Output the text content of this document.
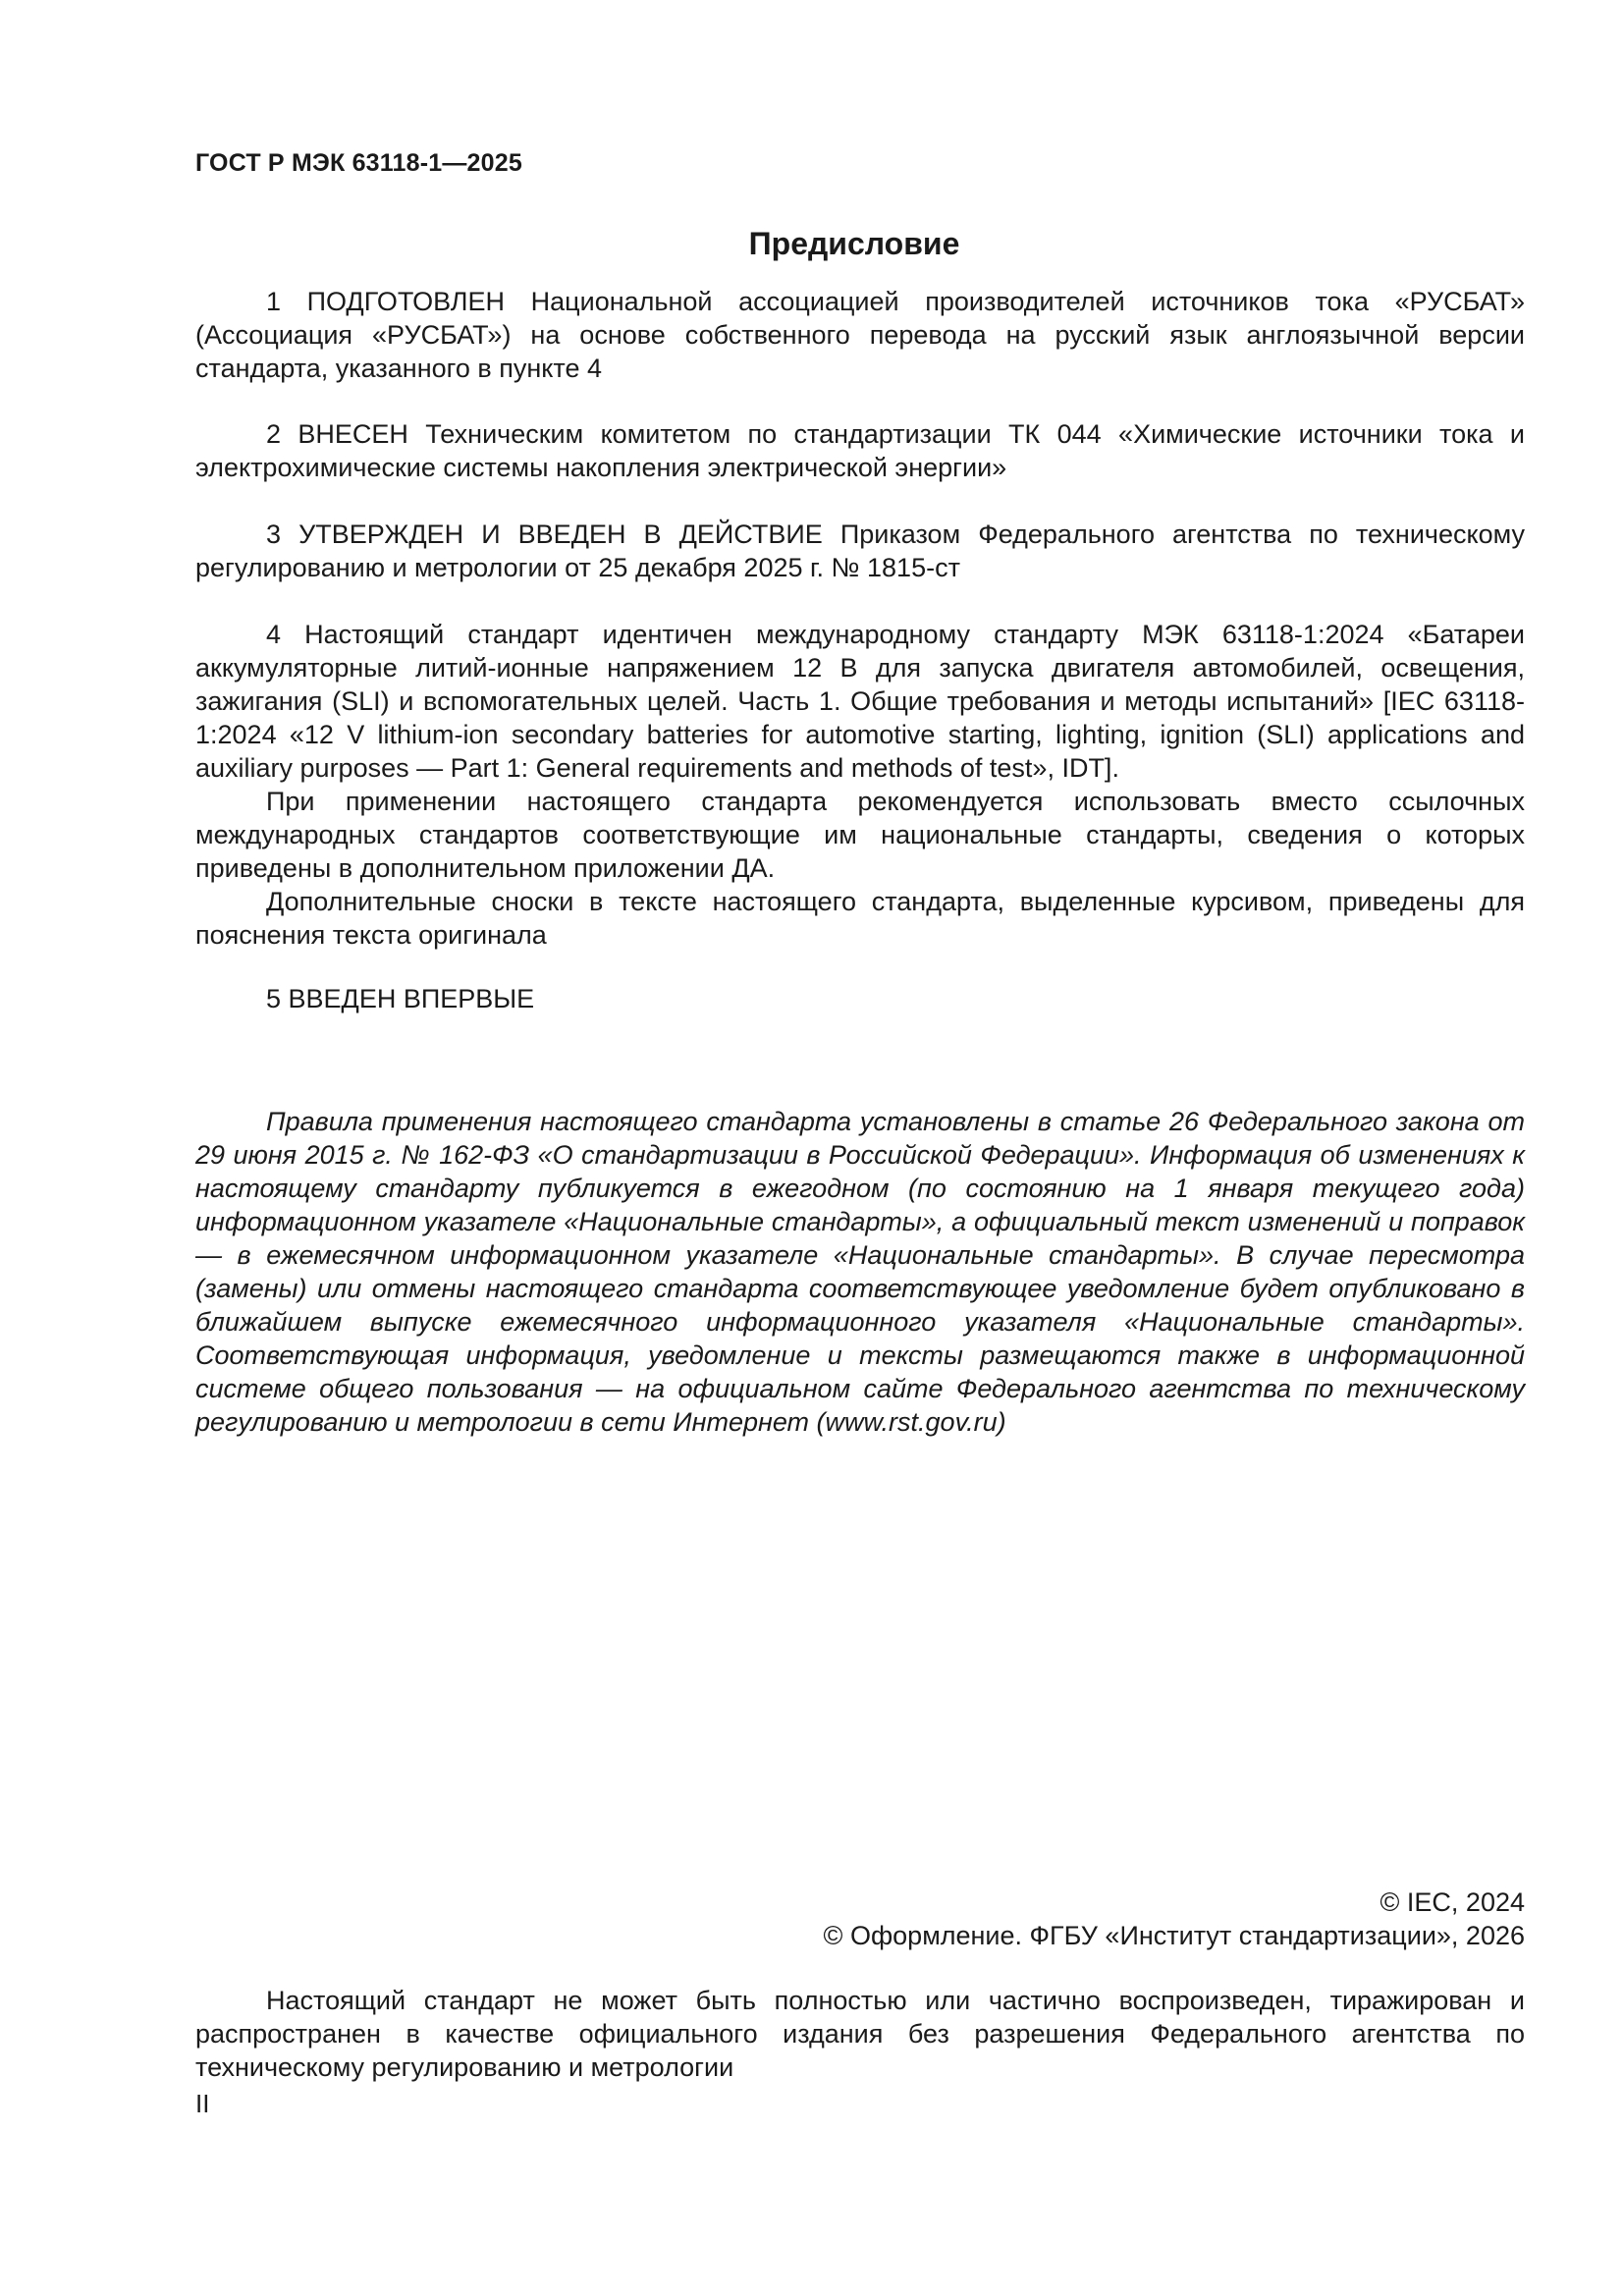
ГОСТ Р МЭК 63118-1—2025
Предисловие

1 ПОДГОТОВЛЕН Национальной ассоциацией производителей источников тока «РУСБАТ» (Ассоциация «РУСБАТ») на основе собственного перевода на русский язык англоязычной версии стандарта, указанного в пункте 4

2 ВНЕСЕН Техническим комитетом по стандартизации ТК 044 «Химические источники тока и электрохимические системы накопления электрической энергии»

3 УТВЕРЖДЕН И ВВЕДЕН В ДЕЙСТВИЕ Приказом Федерального агентства по техническому регулированию и метрологии от 25 декабря 2025 г. № 1815-ст

4 Настоящий стандарт идентичен международному стандарту МЭК 63118-1:2024 «Батареи аккумуляторные литий-ионные напряжением 12 В для запуска двигателя автомобилей, освещения, зажигания (SLI) и вспомогательных целей. Часть 1. Общие требования и методы испытаний» [IEC 63118-1:2024 «12 V lithium-ion secondary batteries for automotive starting, lighting, ignition (SLI) applications and auxiliary purposes — Part 1: General requirements and methods of test», IDT].

При применении настоящего стандарта рекомендуется использовать вместо ссылочных международных стандартов соответствующие им национальные стандарты, сведения о которых приведены в дополнительном приложении ДА.

Дополнительные сноски в тексте настоящего стандарта, выделенные курсивом, приведены для пояснения текста оригинала

5 ВВЕДЕН ВПЕРВЫЕ

Правила применения настоящего стандарта установлены в статье 26 Федерального закона от 29 июня 2015 г. № 162-ФЗ «О стандартизации в Российской Федерации». Информация об изменениях к настоящему стандарту публикуется в ежегодном (по состоянию на 1 января текущего года) информационном указателе «Национальные стандарты», а официальный текст изменений и поправок — в ежемесячном информационном указателе «Национальные стандарты». В случае пересмотра (замены) или отмены настоящего стандарта соответствующее уведомление будет опубликовано в ближайшем выпуске ежемесячного информационного указателя «Национальные стандарты». Соответствующая информация, уведомление и тексты размещаются также в информационной системе общего пользования — на официальном сайте Федерального агентства по техническому регулированию и метрологии в сети Интернет (www.rst.gov.ru)

© IEC, 2024
© Оформление. ФГБУ «Институт стандартизации», 2026

Настоящий стандарт не может быть полностью или частично воспроизведен, тиражирован и распространен в качестве официального издания без разрешения Федерального агентства по техническому регулированию и метрологии

II
